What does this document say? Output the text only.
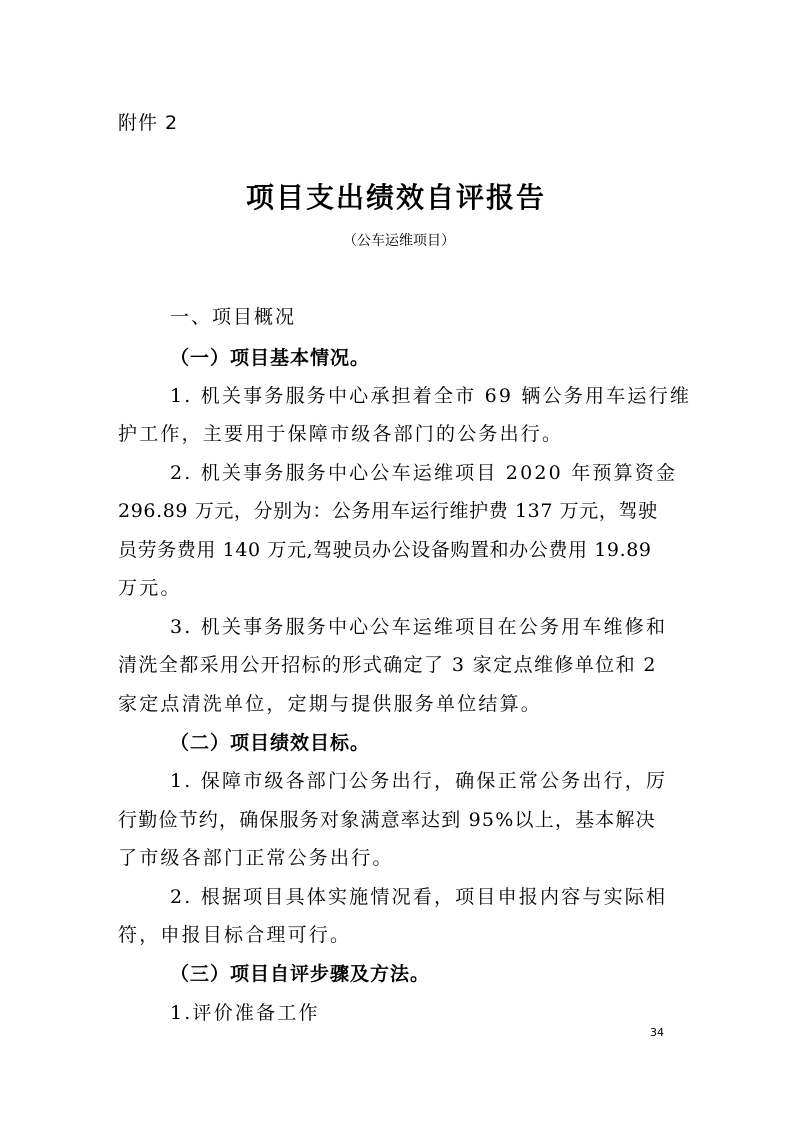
附件 2
项目支出绩效自评报告
（公车运维项目）
一、项目概况
（一）项目基本情况。
1. 机关事务服务中心承担着全市 69 辆公务用车运行维
护工作，主要用于保障市级各部门的公务出行。
2. 机关事务服务中心公车运维项目 2020 年预算资金
296.89 万元，分别为：公务用车运行维护费 137 万元，驾驶
员劳务费用 140 万元,驾驶员办公设备购置和办公费用 19.89
万元。
3. 机关事务服务中心公车运维项目在公务用车维修和
清洗全都采用公开招标的形式确定了 3 家定点维修单位和 2
家定点清洗单位，定期与提供服务单位结算。
（二）项目绩效目标。
1. 保障市级各部门公务出行，确保正常公务出行，厉
行勤俭节约，确保服务对象满意率达到 95%以上，基本解决
了市级各部门正常公务出行。
2. 根据项目具体实施情况看，项目申报内容与实际相
符，申报目标合理可行。
（三）项目自评步骤及方法。
1.评价准备工作
34
